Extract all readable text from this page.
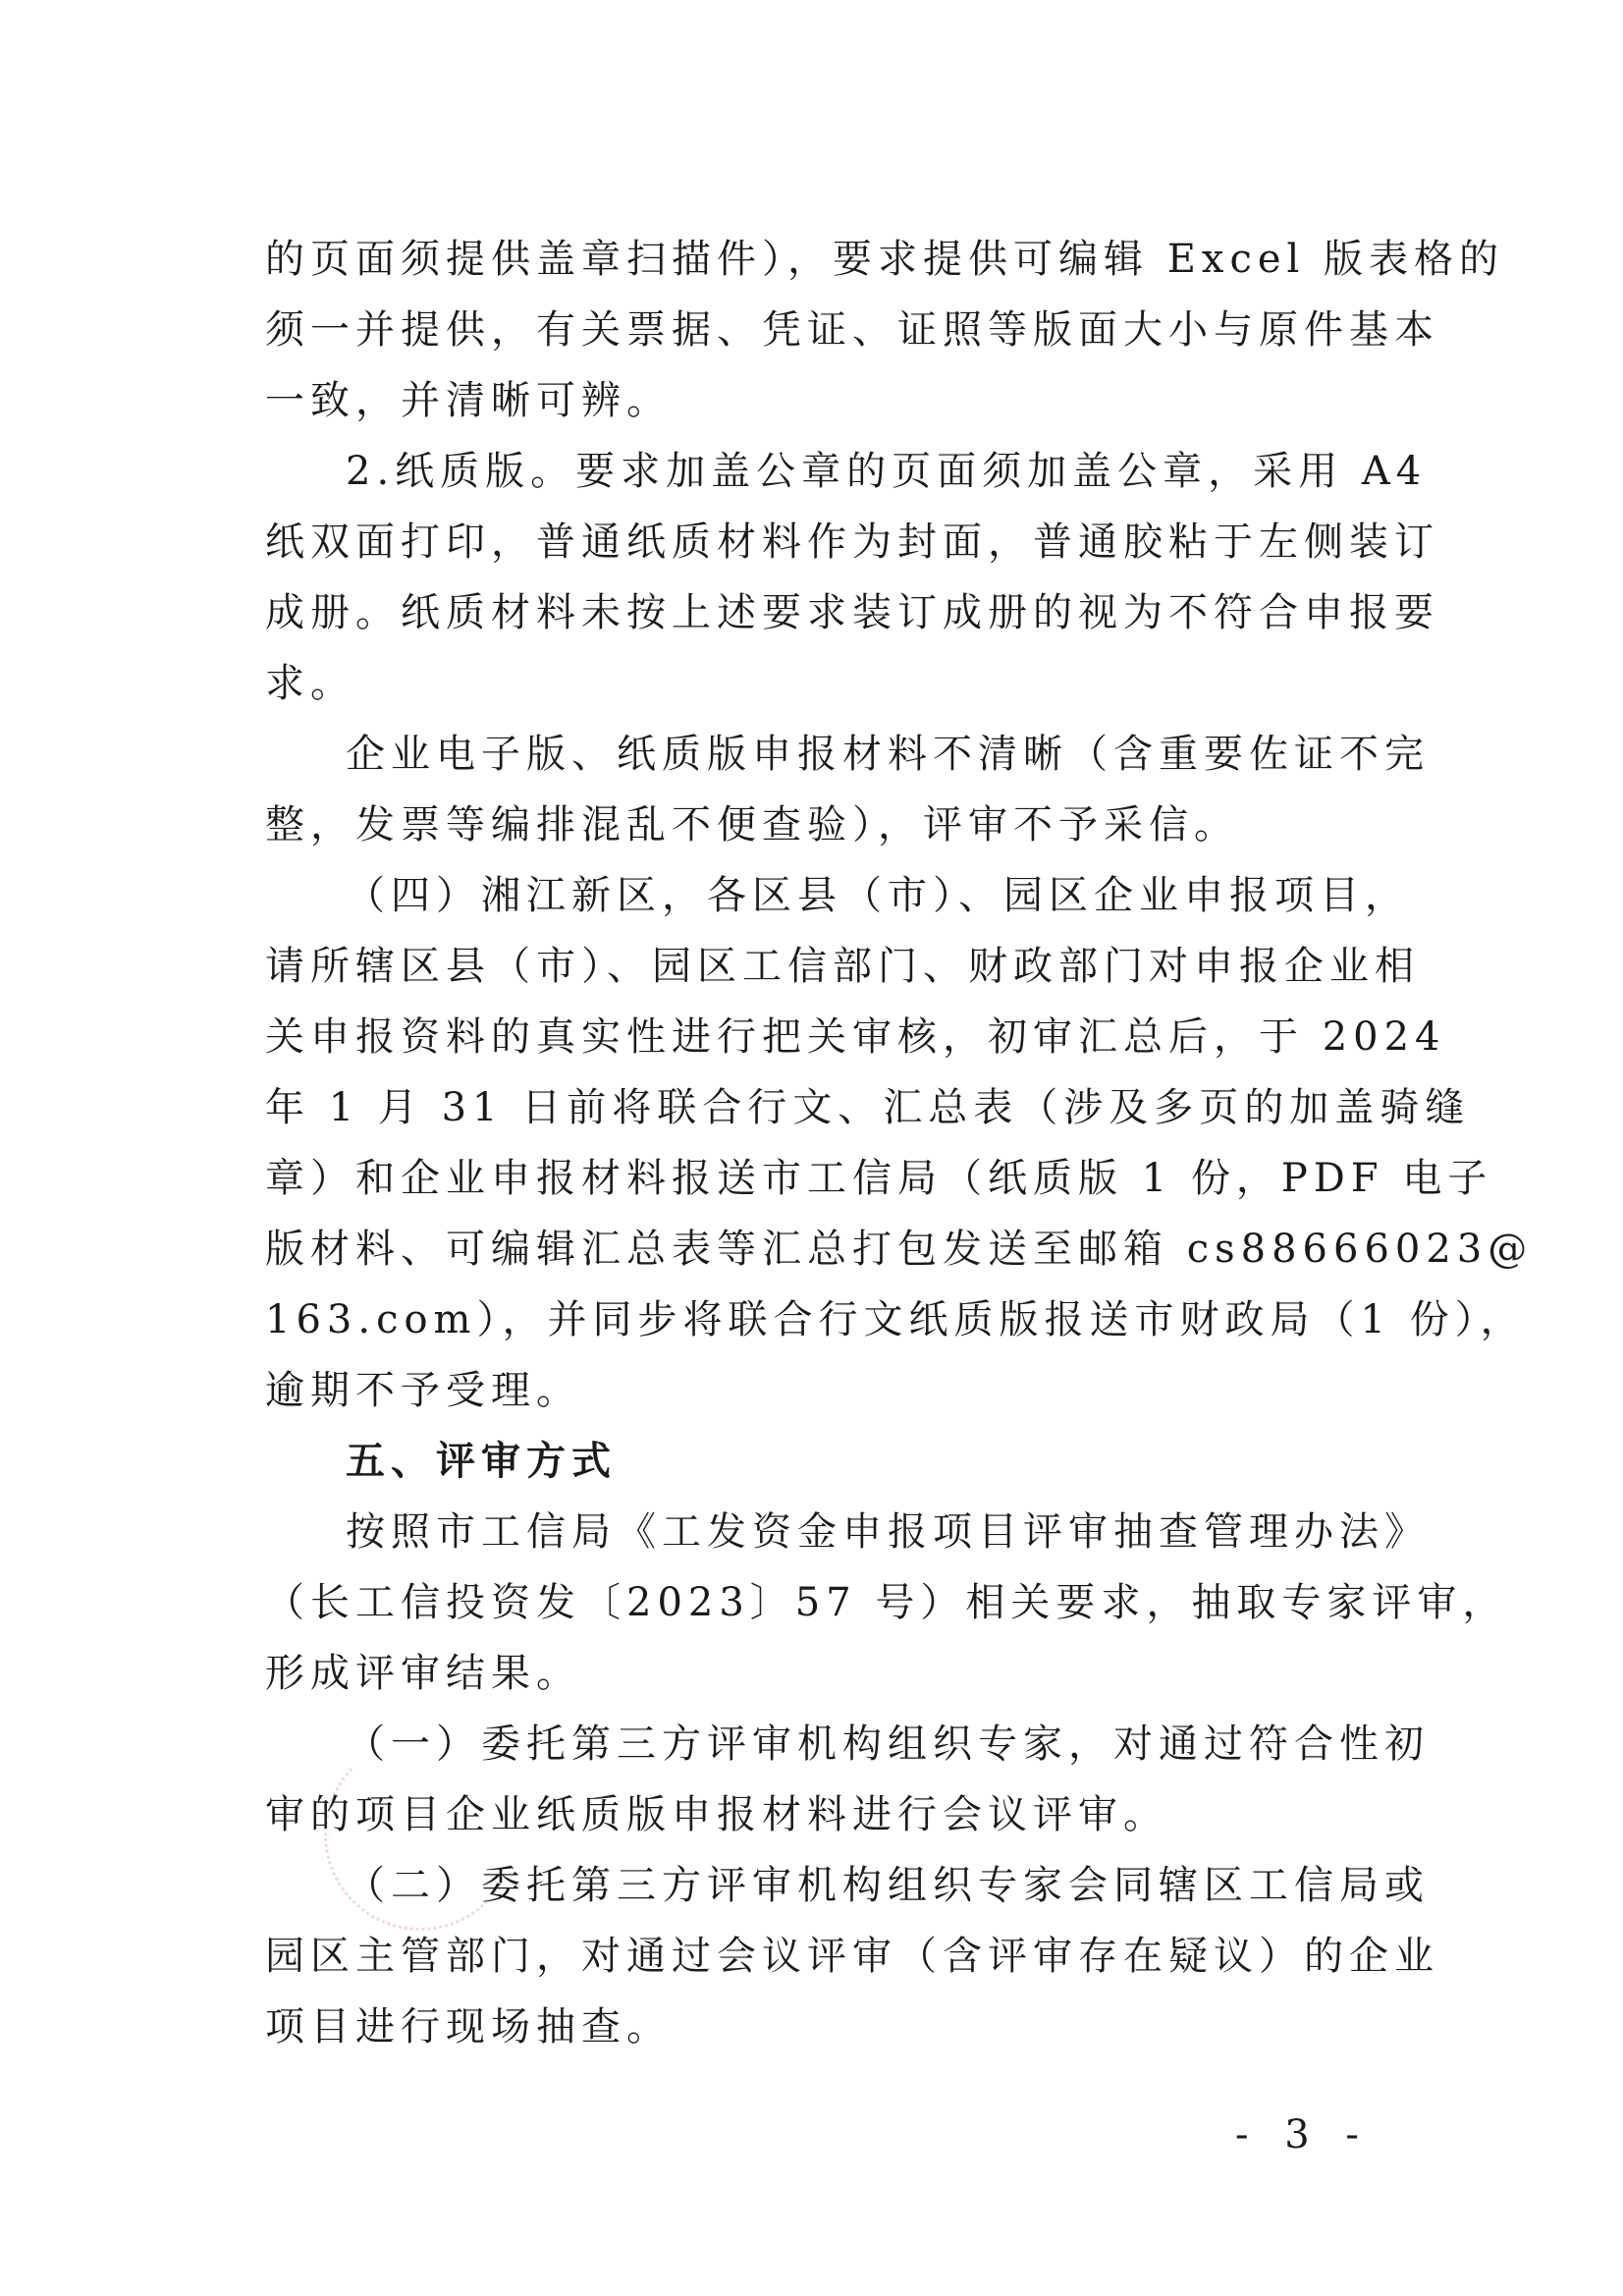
的页面须提供盖章扫描件），要求提供可编辑 Excel 版表格的
须一并提供，有关票据、凭证、证照等版面大小与原件基本
一致，并清晰可辨。
2.纸质版。要求加盖公章的页面须加盖公章，采用 A4
纸双面打印，普通纸质材料作为封面，普通胶粘于左侧装订
成册。纸质材料未按上述要求装订成册的视为不符合申报要
求。
企业电子版、纸质版申报材料不清晰（含重要佐证不完
整，发票等编排混乱不便查验），评审不予采信。
（四）湘江新区，各区县（市）、园区企业申报项目，
请所辖区县（市）、园区工信部门、财政部门对申报企业相
关申报资料的真实性进行把关审核，初审汇总后，于 2024
年 1 月 31 日前将联合行文、汇总表（涉及多页的加盖骑缝
章）和企业申报材料报送市工信局（纸质版 1 份，PDF 电子
版材料、可编辑汇总表等汇总打包发送至邮箱 cs88666023@
163.com），并同步将联合行文纸质版报送市财政局（1 份），
逾期不予受理。
五、评审方式
按照市工信局《工发资金申报项目评审抽查管理办法》
（长工信投资发〔2023〕57 号）相关要求，抽取专家评审，
形成评审结果。
（一）委托第三方评审机构组织专家，对通过符合性初
审的项目企业纸质版申报材料进行会议评审。
（二）委托第三方评审机构组织专家会同辖区工信局或
园区主管部门，对通过会议评审（含评审存在疑议）的企业
项目进行现场抽查。
- 3 -
